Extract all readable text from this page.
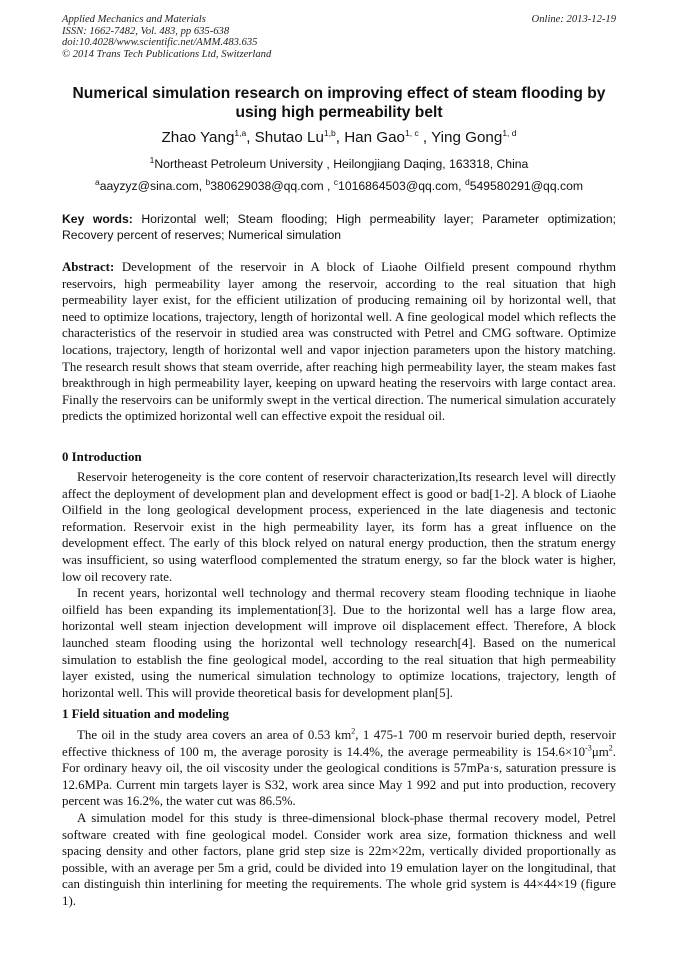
Applied Mechanics and Materials
ISSN: 1662-7482, Vol. 483, pp 635-638
doi:10.4028/www.scientific.net/AMM.483.635
© 2014 Trans Tech Publications Ltd, Switzerland
Online: 2013-12-19
Numerical simulation research on improving effect of steam flooding by using high permeability belt
Zhao Yang$^{1,a}$, Shutao Lu$^{1,b}$, Han Gao$^{1, c}$ , Ying Gong$^{1, d}$
$^1$Northeast Petroleum University , Heilongjiang Daqing, 163318, China
$^a$aayzyz@sina.com, $^b$380629038@qq.com , $^c$1016864503@qq.com, $^d$549580291@qq.com
Key words: Horizontal well; Steam flooding; High permeability layer; Parameter optimization; Recovery percent of reserves; Numerical simulation
Abstract: Development of the reservoir in A block of Liaohe Oilfield present compound rhythm reservoirs, high permeability layer among the reservoir, according to the real situation that high permeability layer exist, for the efficient utilization of producing remaining oil by horizontal well, that need to optimize locations, trajectory, length of horizontal well. A fine geological model which reflects the characteristics of the reservoir in studied area was constructed with Petrel and CMG software. Optimize locations, trajectory, length of horizontal well and vapor injection parameters upon the history matching. The research result shows that steam override, after reaching high permeability layer, the steam makes fast breakthrough in high permeability layer, keeping on upward heating the reservoirs with large contact area. Finally the reservoirs can be uniformly swept in the vertical direction. The numerical simulation accurately predicts the optimized horizontal well can effective expoit the residual oil.
0 Introduction

Reservoir heterogeneity is the core content of reservoir characterization,Its research level will directly affect the deployment of development plan and development effect is good or bad[1-2]. A block of Liaohe Oilfield in the long geological development process, experienced in the late diagenesis and tectonic reformation. Reservoir exist in the high permeability layer, its form has a great influence on the development effect. The early of this block relyed on natural energy production, then the stratum energy was insufficient, so using waterflood complemented the stratum energy, so far the block water is higher, low oil recovery rate.

In recent years, horizontal well technology and thermal recovery steam flooding technique in liaohe oilfield has been expanding its implementation[3]. Due to the horizontal well has a large flow area, horizontal well steam injection development will improve oil displacement effect. Therefore, A block launched steam flooding using the horizontal well technology research[4]. Based on the numerical simulation to establish the fine geological model, according to the real situation that high permeability layer existed, using the numerical simulation technology to optimize locations, trajectory, length of horizontal well. This will provide theoretical basis for development plan[5].

1 Field situation and modeling

The oil in the study area covers an area of 0.53 $km^2$, 1 475-1 700 m reservoir buried depth, reservoir effective thickness of 100 m, the average porosity is 14.4%, the average permeability is $154.6\times 10^{-3}\mu m^2$. For ordinary heavy oil, the oil viscosity under the geological conditions is 57mPa·s, saturation pressure is 12.6MPa. Current min targets layer is S32, work area since May 1 992 and put into production, recovery percent was 16.2%, the water cut was 86.5%.

A simulation model for this study is three-dimensional block-phase thermal recovery model, Petrel software created with fine geological model. Consider work area size, formation thickness and well spacing density and other factors, plane grid step size is 22m×22m, vertically divided proportionally as possible, with an average per 5m a grid, could be divided into 19 emulation layer on the longitudinal, that can distinguish thin interlining for meeting the requirements. The whole grid system is 44×44×19 (figure 1).
